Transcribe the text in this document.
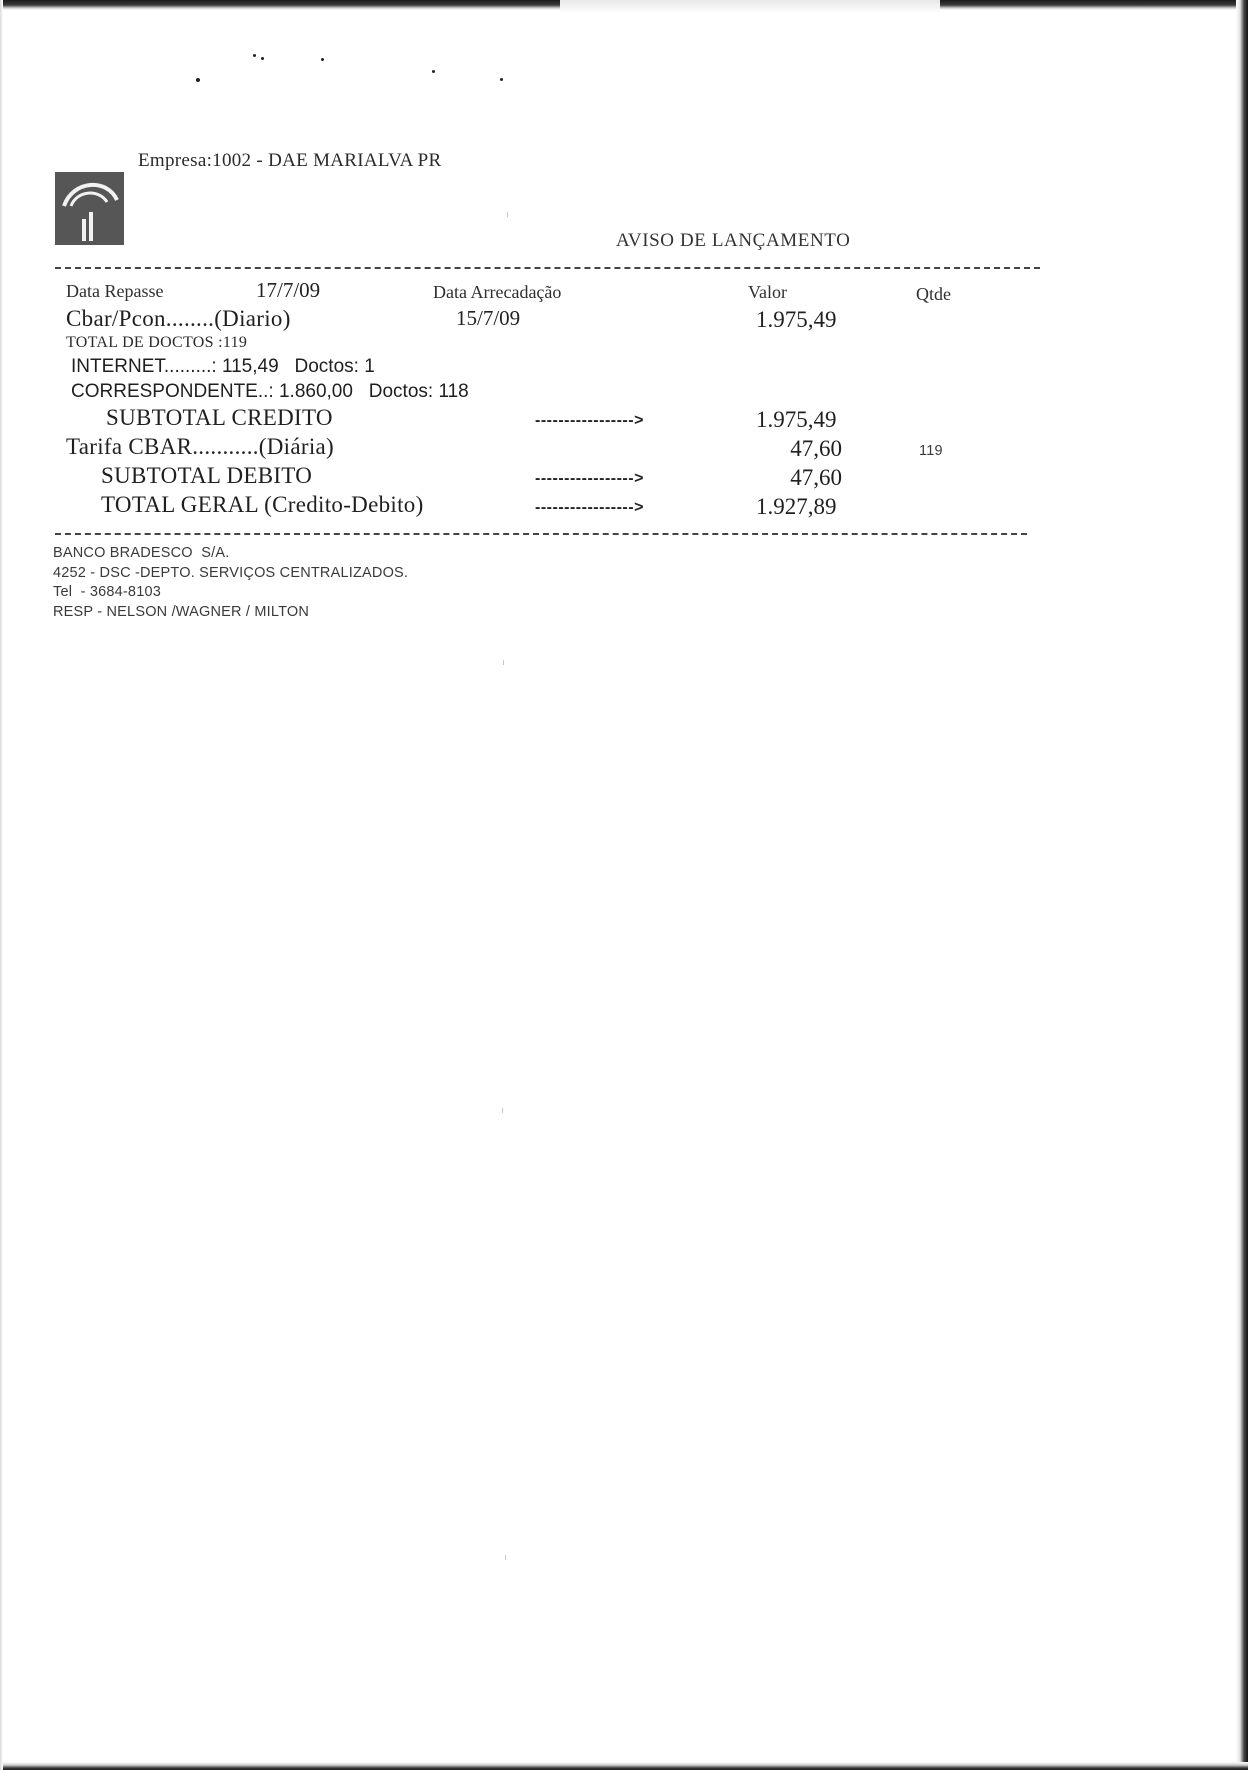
Empresa:1002 - DAE MARIALVA PR
AVISO DE LANÇAMENTO
Data Repasse	17/7/09	Data Arrecadação	Valor	Qtde
Cbar/Pcon........(Diario)	15/7/09	1.975,49
TOTAL DE DOCTOS :119
INTERNET.........: 115,49   Doctos: 1
CORRESPONDENTE..: 1.860,00   Doctos: 118
SUBTOTAL CREDITO	----------------->	1.975,49
Tarifa CBAR...........(Diária)	47,60	119
SUBTOTAL DEBITO	----------------->	47,60
TOTAL GERAL (Credito-Debito)	----------------->	1.927,89
BANCO BRADESCO  S/A.
4252 - DSC -DEPTO. SERVIÇOS CENTRALIZADOS.
Tel  - 3684-8103
RESP - NELSON /WAGNER / MILTON
